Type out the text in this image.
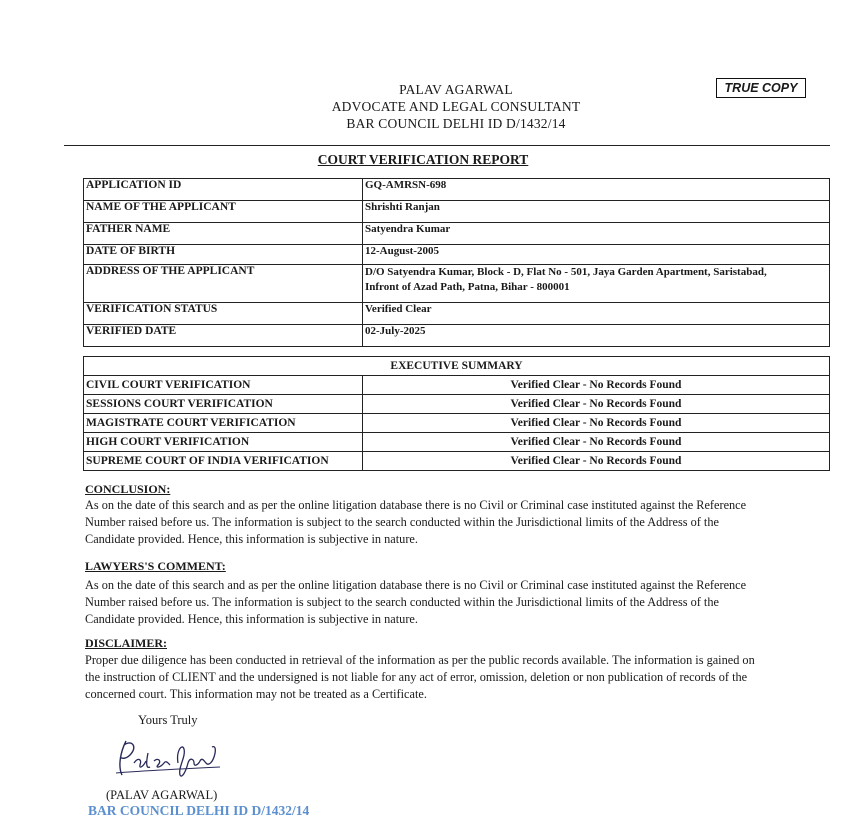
PALAV AGARWAL
ADVOCATE AND LEGAL CONSULTANT
BAR COUNCIL DELHI ID D/1432/14
TRUE COPY
COURT VERIFICATION REPORT
APPLICATION ID	GQ-AMRSN-698
NAME OF THE APPLICANT	Shrishti Ranjan
FATHER NAME	Satyendra Kumar
DATE OF BIRTH	12-August-2005
ADDRESS OF THE APPLICANT	D/O Satyendra Kumar, Block - D, Flat No - 501, Jaya Garden Apartment, Saristabad,
Infront of Azad Path, Patna, Bihar - 800001

VERIFICATION STATUS	Verified Clear
VERIFIED DATE	02-July-2025
EXECUTIVE SUMMARY	
CIVIL COURT VERIFICATION	Verified Clear - No Records Found
SESSIONS COURT VERIFICATION	Verified Clear - No Records Found
MAGISTRATE COURT VERIFICATION	Verified Clear - No Records Found
HIGH COURT VERIFICATION	Verified Clear - No Records Found
SUPREME COURT OF INDIA VERIFICATION	Verified Clear - No Records Found
CONCLUSION:
As on the date of this search and as per the online litigation database there is no Civil or Criminal case instituted against the Reference
Number raised before us. The information is subject to the search conducted within the Jurisdictional limits of the Address of the
Candidate provided. Hence, this information is subjective in nature.
LAWYERS'S COMMENT:
As on the date of this search and as per the online litigation database there is no Civil or Criminal case instituted against the Reference
Number raised before us. The information is subject to the search conducted within the Jurisdictional limits of the Address of the
Candidate provided. Hence, this information is subjective in nature.
DISCLAIMER:
Proper due diligence has been conducted in retrieval of the information as per the public records available. The information is gained on
the instruction of CLIENT and the undersigned is not liable for any act of error, omission, deletion or non publication of records of the
concerned court. This information may not be treated as a Certificate.
Yours Truly
(PALAV AGARWAL)
BAR COUNCIL DELHI ID D/1432/14
